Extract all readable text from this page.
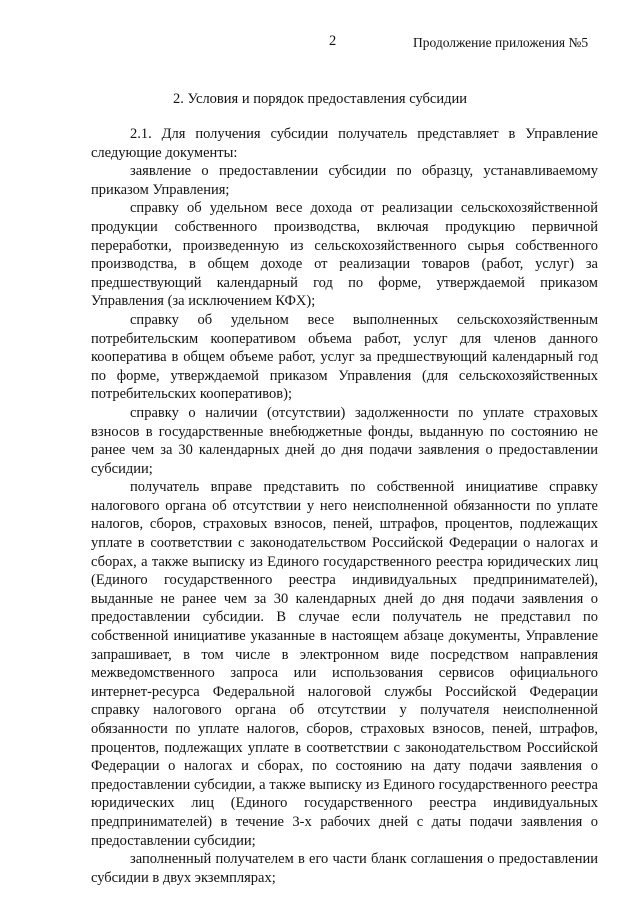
2	Продолжение приложения №5
2. Условия и порядок предоставления субсидии

2.1. Для получения субсидии получатель представляет в Управление следующие документы:

заявление о предоставлении субсидии по образцу, устанавливаемому приказом Управления;

справку об удельном весе дохода от реализации сельскохозяйственной продукции собственного производства, включая продукцию первичной переработки, произведенную из сельскохозяйственного сырья собственного производства, в общем доходе от реализации товаров (работ, услуг) за предшествующий календарный год по форме, утверждаемой приказом Управления (за исключением КФХ);

справку об удельном весе выполненных сельскохозяйственным потребительским кооперативом объема работ, услуг для членов данного кооператива в общем объеме работ, услуг за предшествующий календарный год по форме, утверждаемой приказом Управления (для сельскохозяйственных потребительских кооперативов);

справку о наличии (отсутствии) задолженности по уплате страховых взносов в государственные внебюджетные фонды, выданную по состоянию не ранее чем за 30 календарных дней до дня подачи заявления о предоставлении субсидии;

получатель вправе представить по собственной инициативе справку налогового органа об отсутствии у него неисполненной обязанности по уплате налогов, сборов, страховых взносов, пеней, штрафов, процентов, подлежащих уплате в соответствии с законодательством Российской Федерации о налогах и сборах, а также выписку из Единого государственного реестра юридических лиц (Единого государственного реестра индивидуальных предпринимателей), выданные не ранее чем за 30 календарных дней до дня подачи заявления о предоставлении субсидии. В случае если получатель не представил по собственной инициативе указанные в настоящем абзаце документы, Управление запрашивает, в том числе в электронном виде посредством направления межведомственного запроса или использования сервисов официального интернет-ресурса Федеральной налоговой службы Российской Федерации справку налогового органа об отсутствии у получателя неисполненной обязанности по уплате налогов, сборов, страховых взносов, пеней, штрафов, процентов, подлежащих уплате в соответствии с законодательством Российской Федерации о налогах и сборах, по состоянию на дату подачи заявления о предоставлении субсидии, а также выписку из Единого государственного реестра юридических лиц (Единого государственного реестра индивидуальных предпринимателей) в течение 3-х рабочих дней с даты подачи заявления о предоставлении субсидии;

заполненный получателем в его части бланк соглашения о предоставлении субсидии в двух экземплярах;
